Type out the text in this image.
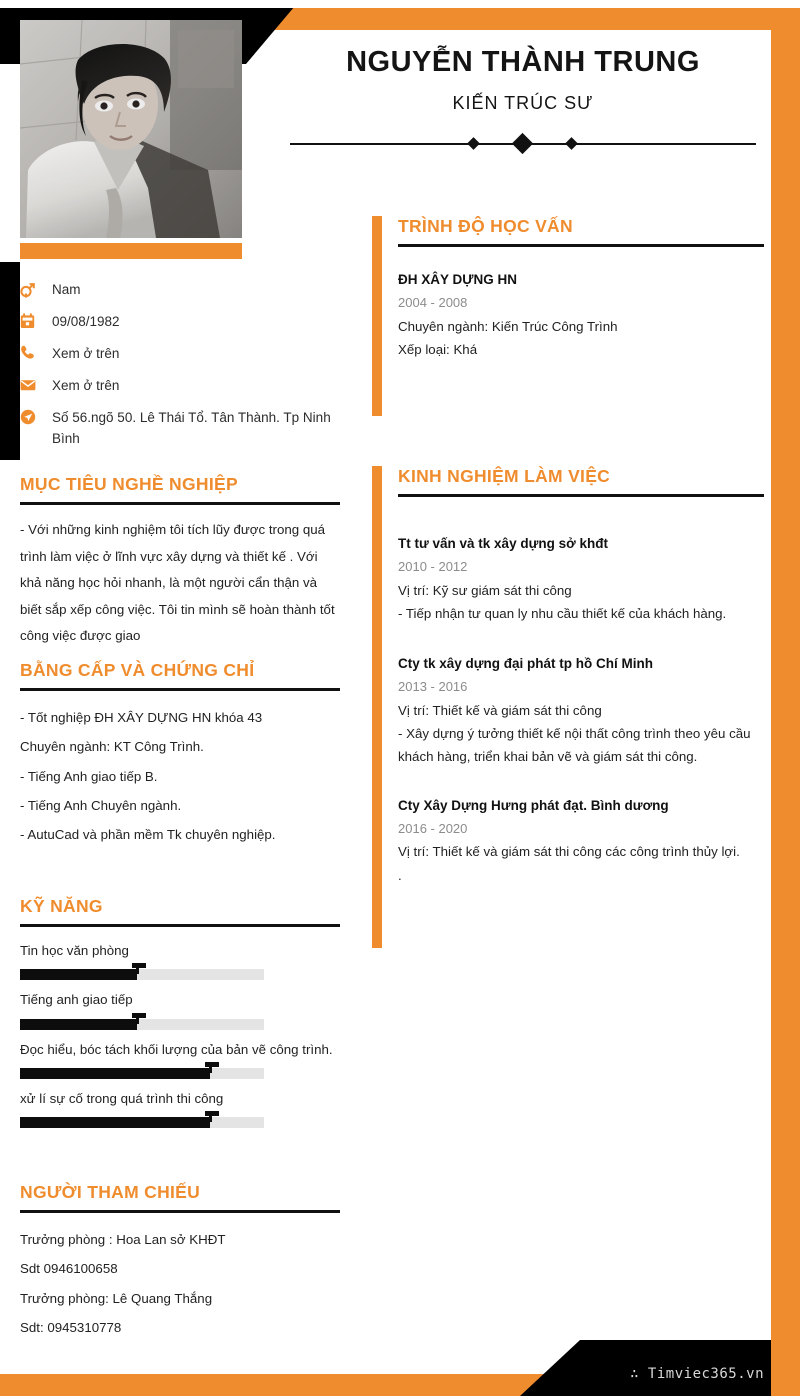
NGUYỄN THÀNH TRUNG
KIẾN TRÚC SƯ
Nam
09/08/1982
Xem ở trên
Xem ở trên
Số 56.ngõ 50. Lê Thái Tổ. Tân Thành. Tp Ninh Bình
MỤC TIÊU NGHỀ NGHIỆP
- Với những kinh nghiệm tôi tích lũy được trong quá trình làm việc ở lĩnh vực xây dựng và thiết kế . Với khả năng học hỏi nhanh, là một người cẩn thận và biết sắp xếp công việc. Tôi tin mình sẽ hoàn thành tốt công việc được giao
BẰNG CẤP VÀ CHỨNG CHỈ
- Tốt nghiệp ĐH XÂY DỰNG HN khóa 43
Chuyên ngành: KT Công Trình.
- Tiếng Anh giao tiếp B.
- Tiếng Anh Chuyên ngành.
- AutuCad và phần mềm Tk chuyên nghiệp.
KỸ NĂNG
Tin học văn phòng
Tiếng anh giao tiếp
Đọc hiểu, bóc tách khối lượng của bản vẽ công trình.
xử lí sự cố trong quá trình thi công
NGƯỜI THAM CHIẾU
Trưởng phòng : Hoa Lan sở KHĐT
Sdt 0946100658
Trưởng phòng: Lê Quang Thắng
Sdt: 0945310778
TRÌNH ĐỘ HỌC VẤN
ĐH XÂY DỰNG HN
2004 - 2008
Chuyên ngành: Kiến Trúc Công Trình
Xếp loại: Khá
KINH NGHIỆM LÀM VIỆC
Tt tư vấn và tk xây dựng sở khđt
2010 - 2012
Vị trí: Kỹ sư giám sát thi công
- Tiếp nhận tư quan ly nhu cầu thiết kế của khách hàng.
Cty tk xây dựng đại phát tp hồ Chí Minh
2013 - 2016
Vị trí: Thiết kế và giám sát thi công
- Xây dựng ý tưởng thiết kế nội thất công trình theo yêu cầu khách hàng, triển khai bản vẽ và giám sát thi công.
Cty Xây Dựng Hưng phát đạt. Bình dương
2016 - 2020
Vị trí: Thiết kế và giám sát thi công các công trình thủy lợi.
.
∴ Timviec365.vn
